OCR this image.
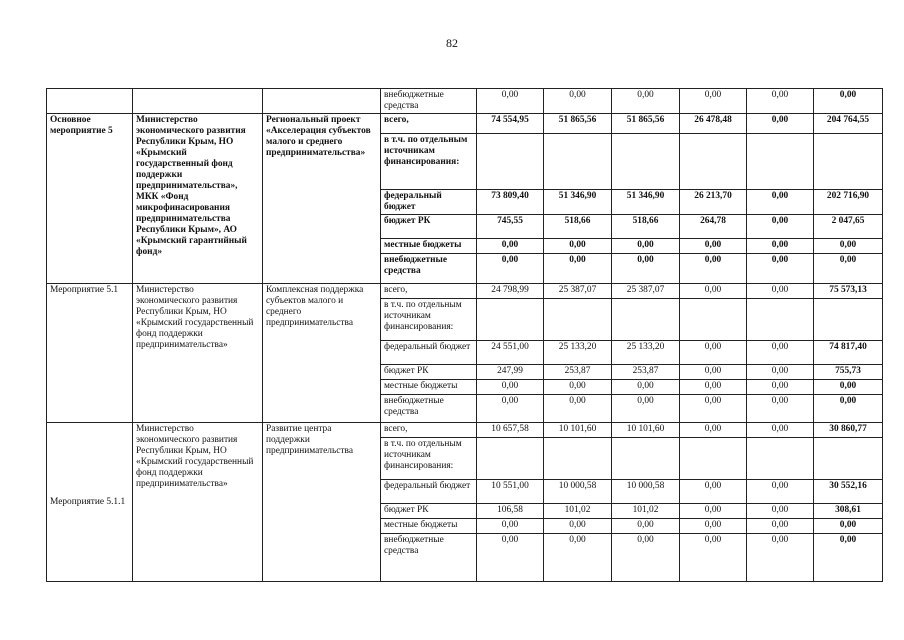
82
			внебюджетные средства	0,00	0,00	0,00	0,00	0,00	0,00
Основное мероприятие 5	Министерство экономического развития Республики Крым, НО «Крымский государственный фонд поддержки предпринимательства», МКК «Фонд микрофинасирования предпринимательства Республики Крым», АО «Крымский гарантийный фонд»	Региональный проект «Акселерация субъектов малого и среднего предпринимательства»	всего,	74 554,95	51 865,56	51 865,56	26 478,48	0,00	204 764,55
			в т.ч. по отдельным источникам финансирования:						
			федеральный бюджет	73 809,40	51 346,90	51 346,90	26 213,70	0,00	202 716,90
			бюджет РК	745,55	518,66	518,66	264,78	0,00	2 047,65
			местные бюджеты	0,00	0,00	0,00	0,00	0,00	0,00
			внебюджетные средства	0,00	0,00	0,00	0,00	0,00	0,00
Мероприятие 5.1	Министерство экономического развития Республики Крым, НО «Крымский государственный фонд поддержки предпринимательства»	Комплексная поддержка субъектов малого и среднего предпринимательства	всего,	24 798,99	25 387,07	25 387,07	0,00	0,00	75 573,13
			в т.ч. по отдельным источникам финансирования:						
			федеральный бюджет	24 551,00	25 133,20	25 133,20	0,00	0,00	74 817,40
			бюджет РК	247,99	253,87	253,87	0,00	0,00	755,73
			местные бюджеты	0,00	0,00	0,00	0,00	0,00	0,00
			внебюджетные средства	0,00	0,00	0,00	0,00	0,00	0,00
Мероприятие 5.1.1	Министерство экономического развития Республики Крым, НО «Крымский государственный фонд поддержки предпринимательства»	Развитие центра поддержки предпринимательства	всего,	10 657,58	10 101,60	10 101,60	0,00	0,00	30 860,77
			в т.ч. по отдельным источникам финансирования:						
			федеральный бюджет	10 551,00	10 000,58	10 000,58	0,00	0,00	30 552,16
			бюджет РК	106,58	101,02	101,02	0,00	0,00	308,61
			местные бюджеты	0,00	0,00	0,00	0,00	0,00	0,00
			внебюджетные средства	0,00	0,00	0,00	0,00	0,00	0,00
